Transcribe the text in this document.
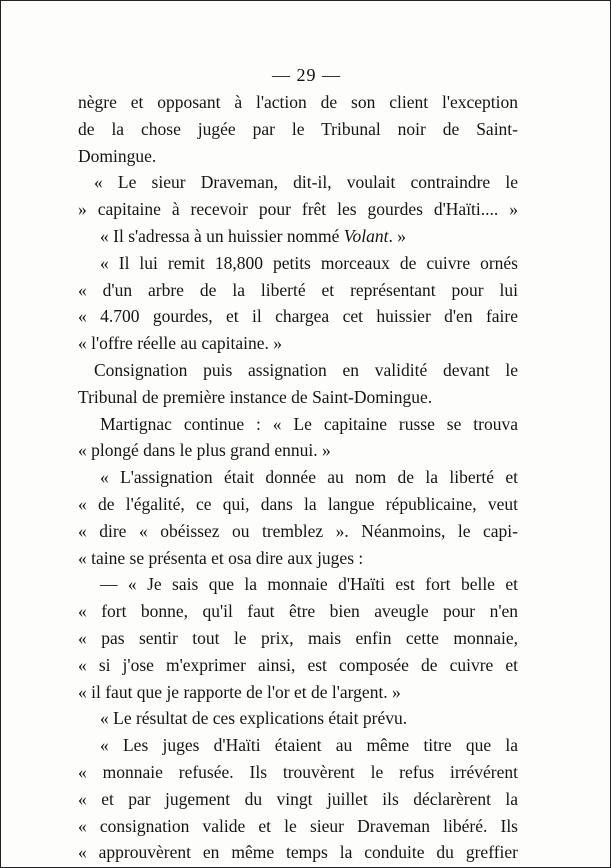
— 29 —
nègre et opposant à l'action de son client l'exception
de la chose jugée par le Tribunal noir de Saint-
Domingue.
« Le sieur Draveman, dit-il, voulait contraindre le
» capitaine à recevoir pour frêt les gourdes d'Haïti.... »
« Il s'adressa à un huissier nommé Volant. »
« Il lui remit 18,800 petits morceaux de cuivre ornés
« d'un arbre de la liberté et représentant pour lui
« 4.700 gourdes, et il chargea cet huissier d'en faire
« l'offre réelle au capitaine. »
Consignation puis assignation en validité devant le
Tribunal de première instance de Saint-Domingue.
Martignac continue : « Le capitaine russe se trouva
« plongé dans le plus grand ennui. »
« L'assignation était donnée au nom de la liberté et
« de l'égalité, ce qui, dans la langue républicaine, veut
« dire « obéissez ou tremblez ». Néanmoins, le capi-
« taine se présenta et osa dire aux juges :
— « Je sais que la monnaie d'Haïti est fort belle et
« fort bonne, qu'il faut être bien aveugle pour n'en
« pas sentir tout le prix, mais enfin cette monnaie,
« si j'ose m'exprimer ainsi, est composée de cuivre et
« il faut que je rapporte de l'or et de l'argent. »
« Le résultat de ces explications était prévu.
« Les juges d'Haïti étaient au même titre que la
« monnaie refusée. Ils trouvèrent le refus irrévérent
« et par jugement du vingt juillet ils déclarèrent la
« consignation valide et le sieur Draveman libéré. Ils
« approuvèrent en même temps la conduite du greffier
